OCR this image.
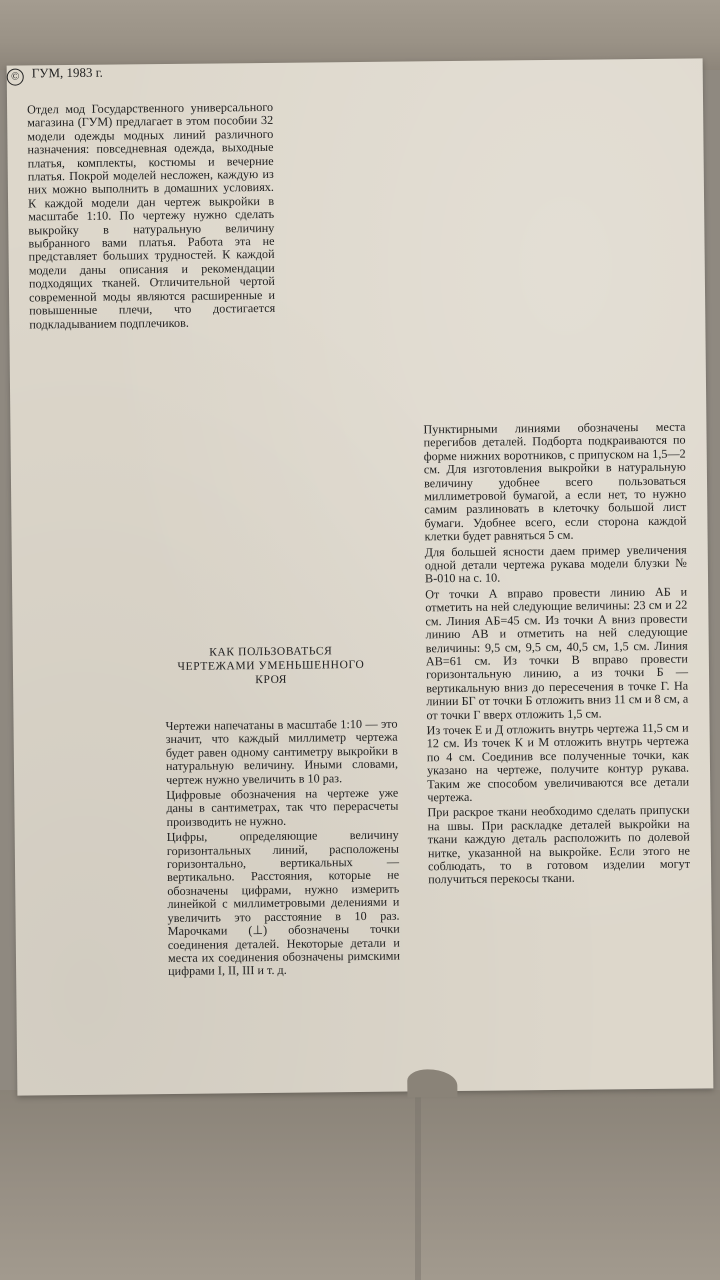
Отдел мод Государственного универсального магазина (ГУМ) предлагает в этом пособии 32 модели одежды модных линий различного назначения: повседневная одежда, выходные платья, комплекты, костюмы и вечерние платья. Покрой моделей несложен, каждую из них можно выполнить в домашних условиях. К каждой модели дан чертеж выкройки в масштабе 1:10. По чертежу нужно сделать выкройку в натуральную величину выбранного вами платья. Работа эта не представляет больших трудностей. К каждой модели даны описания и рекомендации подходящих тканей. Отличительной чертой современной моды являются расширенные и повышенные плечи, что достигается подкладыванием подплечиков.

© ГУМ, 1983 г.
КАК ПОЛЬЗОВАТЬСЯ ЧЕРТЕЖАМИ УМЕНЬШЕННОГО КРОЯ

Чертежи напечатаны в масштабе 1:10 — это значит, что каждый миллиметр чертежа будет равен одному сантиметру выкройки в натуральную величину. Иными словами, чертеж нужно увеличить в 10 раз.

Цифровые обозначения на чертеже уже даны в сантиметрах, так что перерасчеты производить не нужно.

Цифры, определяющие величину горизонтальных линий, расположены горизонтально, вертикальных — вертикально. Расстояния, которые не обозначены цифрами, нужно измерить линейкой с миллиметровыми делениями и увеличить это расстояние в 10 раз. Марочками (⊥) обозначены точки соединения деталей. Некоторые детали и места их соединения обозначены римскими цифрами I, II, III и т. д.

Пунктирными линиями обозначены места перегибов деталей. Подборта подкраиваются по форме нижних воротников, с припуском на 1,5—2 см. Для изготовления выкройки в натуральную величину удобнее всего пользоваться миллиметровой бумагой, а если нет, то нужно самим разлиновать в клеточку большой лист бумаги. Удобнее всего, если сторона каждой клетки будет равняться 5 см.

Для большей ясности даем пример увеличения одной детали чертежа рукава модели блузки № В-010 на с. 10.

От точки А вправо провести линию АБ и отметить на ней следующие величины: 23 см и 22 см. Линия АБ=45 см. Из точки А вниз провести линию АВ и отметить на ней следующие величины: 9,5 см, 9,5 см, 40,5 см, 1,5 см. Линия АВ=61 см. Из точки В вправо провести горизонтальную линию, а из точки Б — вертикальную вниз до пересечения в точке Г. На линии БГ от точки Б отложить вниз 11 см и 8 см, а от точки Г вверх отложить 1,5 см.

Из точек Е и Д отложить внутрь чертежа 11,5 см и 12 см. Из точек К и М отложить внутрь чертежа по 4 см. Соединив все полученные точки, как указано на чертеже, получите контур рукава. Таким же способом увеличиваются все детали чертежа.

При раскрое ткани необходимо сделать припуски на швы. При раскладке деталей выкройки на ткани каждую деталь расположить по долевой нитке, указанной на выкройке. Если этого не соблюдать, то в готовом изделии могут получиться перекосы ткани.
